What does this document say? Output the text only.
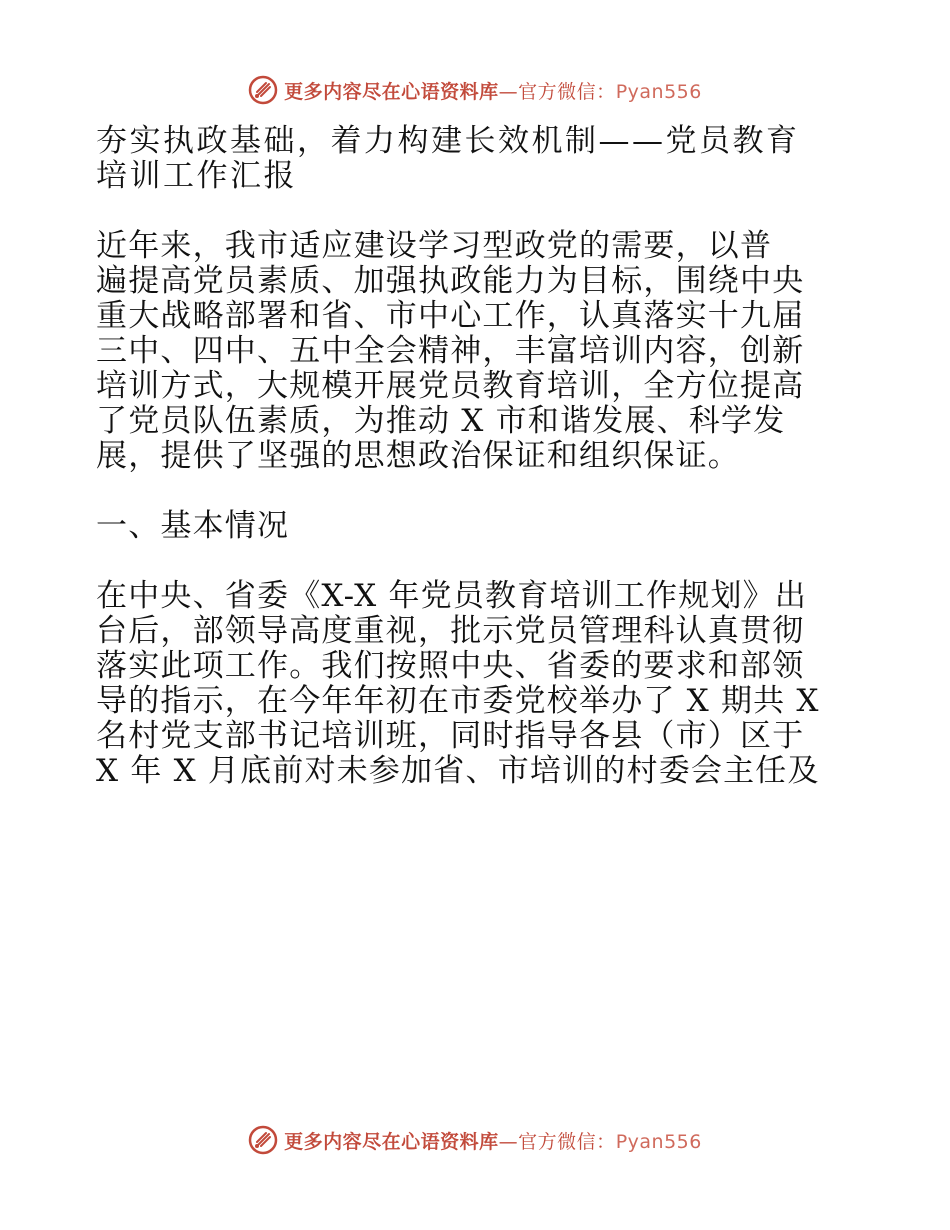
更多内容尽在心语资料库—官方微信：Pyan556

夯实执政基础，着力构建长效机制——党员教育

培训工作汇报

近年来，我市适应建设学习型政党的需要，以普

遍提高党员素质、加强执政能力为目标，围绕中央

重大战略部署和省、市中心工作，认真落实十九届

三中、四中、五中全会精神，丰富培训内容，创新

培训方式，大规模开展党员教育培训，全方位提高

了党员队伍素质，为推动 X 市和谐发展、科学发

展，提供了坚强的思想政治保证和组织保证。

一、基本情况

在中央、省委《X-X 年党员教育培训工作规划》出

台后，部领导高度重视，批示党员管理科认真贯彻

落实此项工作。我们按照中央、省委的要求和部领

导的指示，在今年年初在市委党校举办了 X 期共 X

名村党支部书记培训班，同时指导各县（市）区于

X 年 X 月底前对未参加省、市培训的村委会主任及

更多内容尽在心语资料库—官方微信：Pyan556
